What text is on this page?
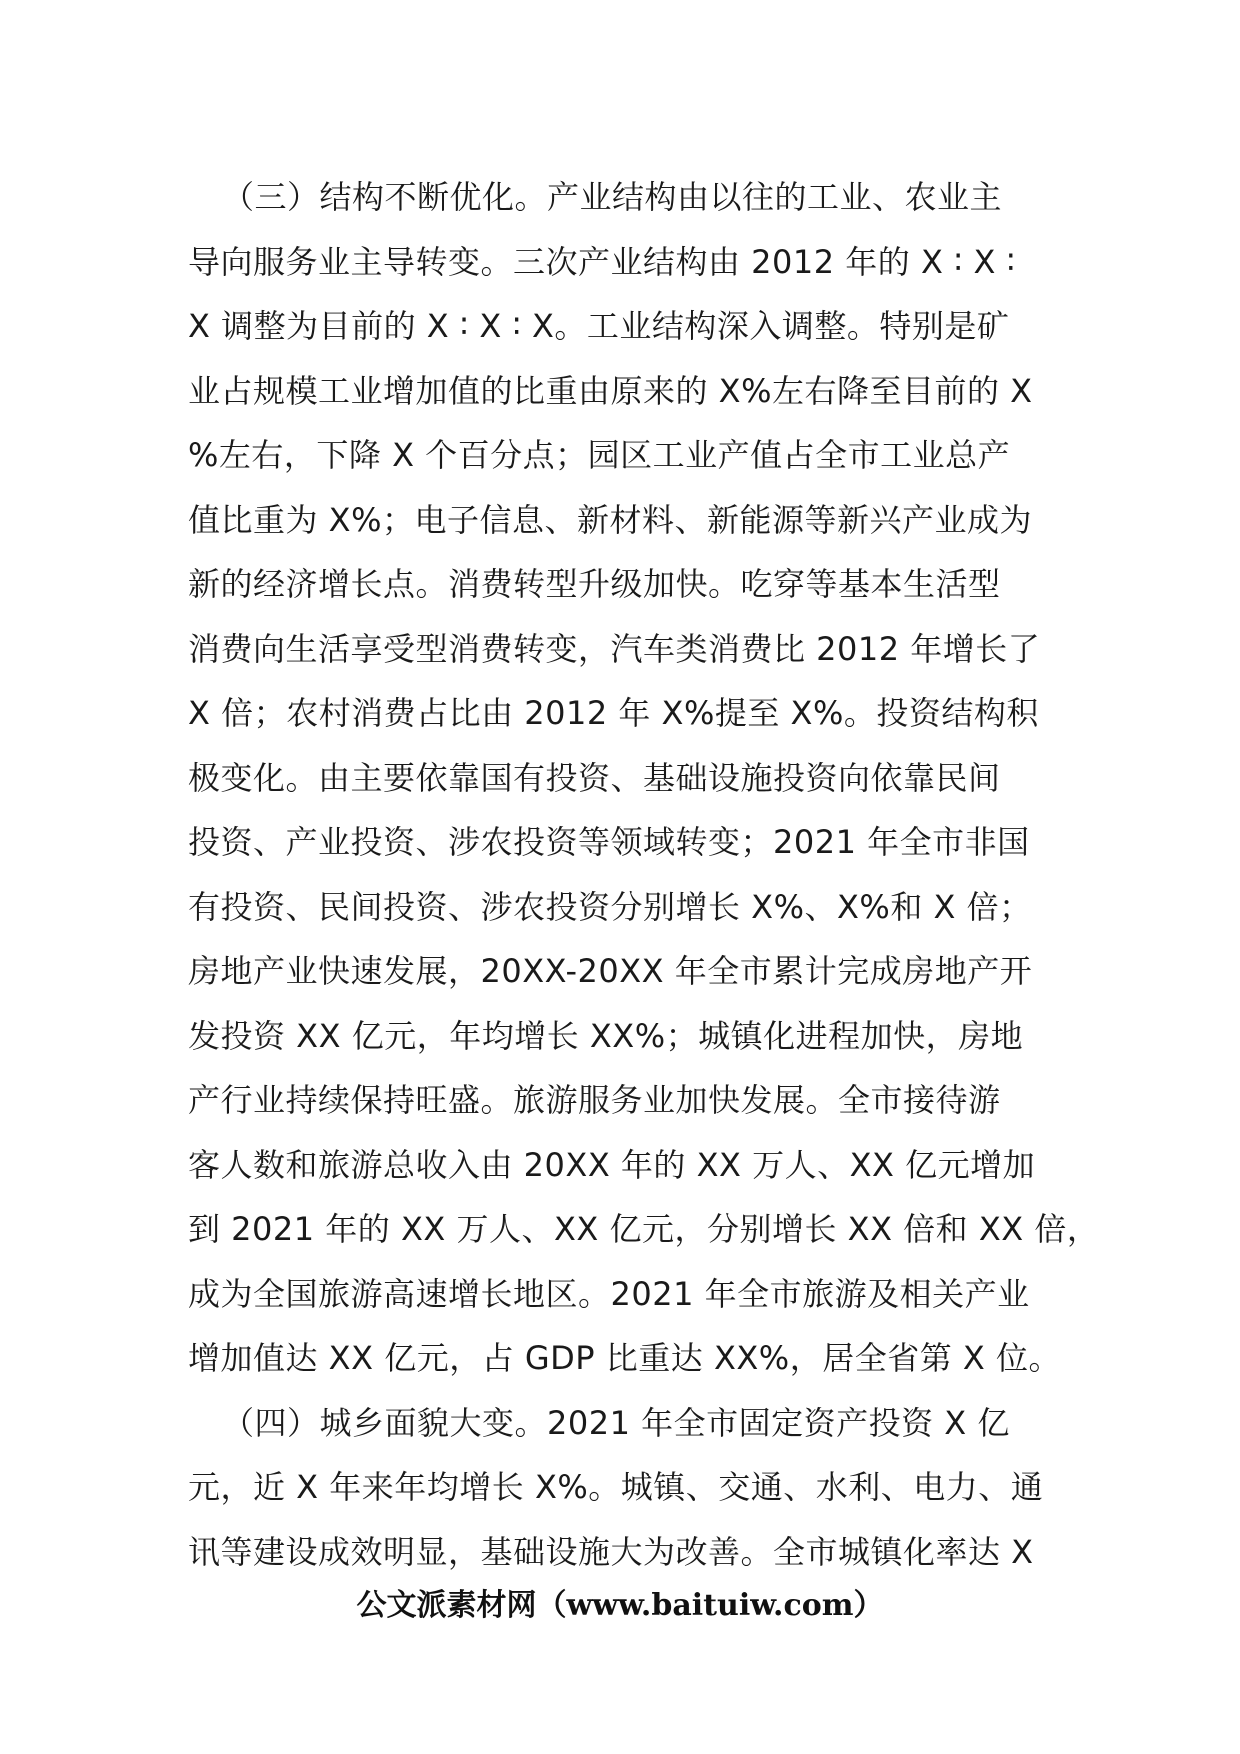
（三）结构不断优化。产业结构由以往的工业、农业主
导向服务业主导转变。三次产业结构由 2012 年的 X ∶ X ∶
X 调整为目前的 X ∶ X ∶ X。工业结构深入调整。特别是矿
业占规模工业增加值的比重由原来的 X%左右降至目前的 X
%左右，下降 X 个百分点；园区工业产值占全市工业总产
值比重为 X%；电子信息、新材料、新能源等新兴产业成为
新的经济增长点。消费转型升级加快。吃穿等基本生活型
消费向生活享受型消费转变，汽车类消费比 2012 年增长了
X 倍；农村消费占比由 2012 年 X%提至 X%。投资结构积
极变化。由主要依靠国有投资、基础设施投资向依靠民间
投资、产业投资、涉农投资等领域转变；2021 年全市非国
有投资、民间投资、涉农投资分别增长 X%、X%和 X 倍；
房地产业快速发展，20XX-20XX 年全市累计完成房地产开
发投资 XX 亿元，年均增长 XX%；城镇化进程加快，房地
产行业持续保持旺盛。旅游服务业加快发展。全市接待游
客人数和旅游总收入由 20XX 年的 XX 万人、XX 亿元增加
到 2021 年的 XX 万人、XX 亿元，分别增长 XX 倍和 XX 倍，
成为全国旅游高速增长地区。2021 年全市旅游及相关产业
增加值达 XX 亿元，占 GDP 比重达 XX%，居全省第 X 位。
（四）城乡面貌大变。2021 年全市固定资产投资 X 亿
元，近 X 年来年均增长 X%。城镇、交通、水利、电力、通
讯等建设成效明显，基础设施大为改善。全市城镇化率达 X
公文派素材网（www.baituiw.com）
